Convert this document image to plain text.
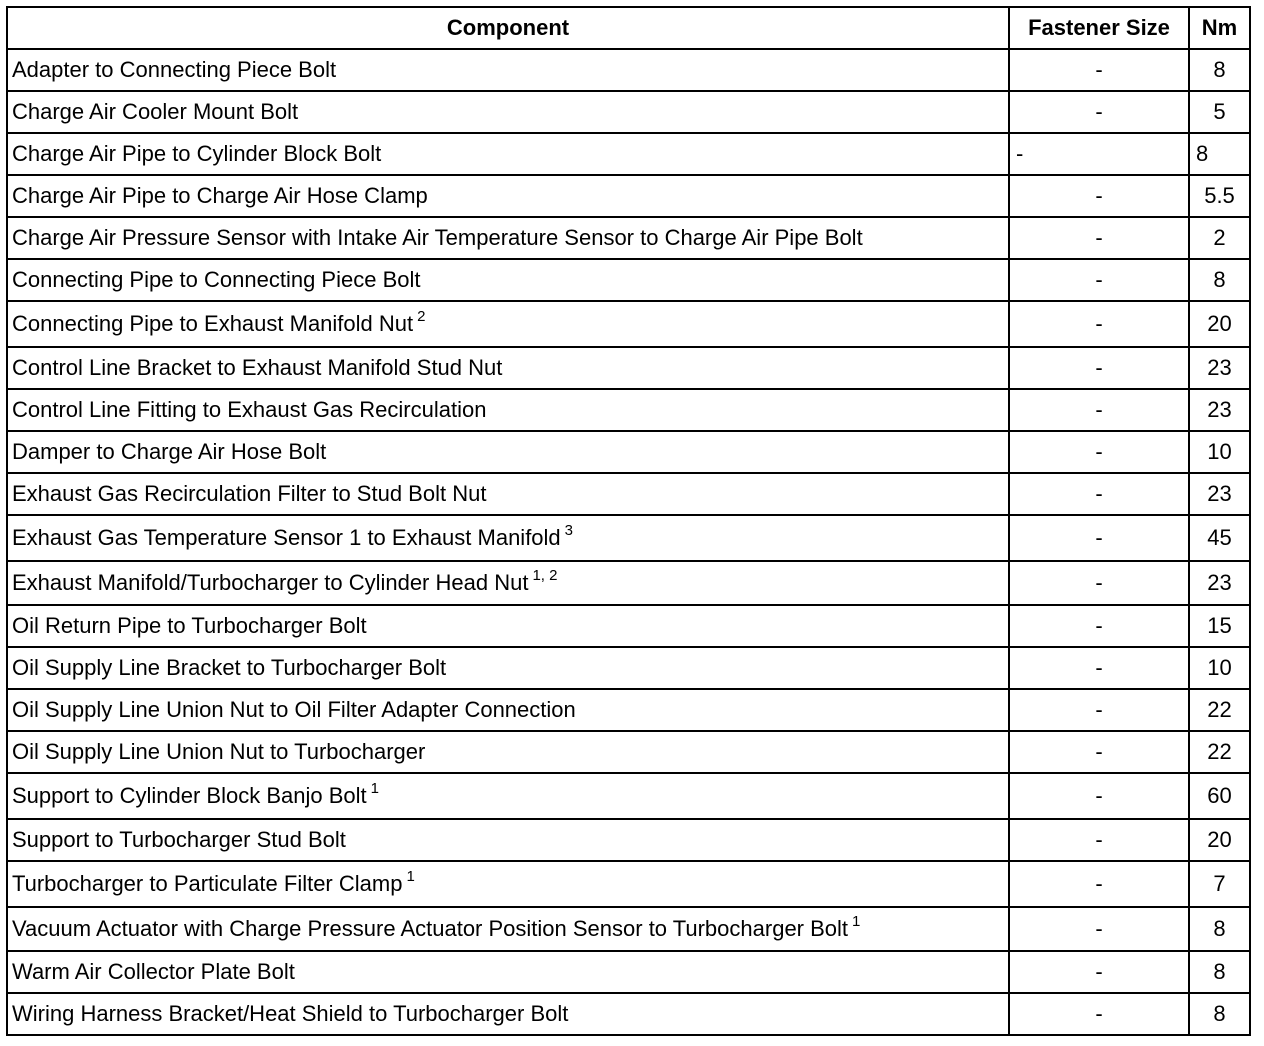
Component	Fastener Size	Nm
Adapter to Connecting Piece Bolt	-	8
Charge Air Cooler Mount Bolt	-	5
Charge Air Pipe to Cylinder Block Bolt	-	8
Charge Air Pipe to Charge Air Hose Clamp	-	5.5
Charge Air Pressure Sensor with Intake Air Temperature Sensor to Charge Air Pipe Bolt	-	2
Connecting Pipe to Connecting Piece Bolt	-	8
Connecting Pipe to Exhaust Manifold Nut $^2$	-	20
Control Line Bracket to Exhaust Manifold Stud Nut	-	23
Control Line Fitting to Exhaust Gas Recirculation	-	23
Damper to Charge Air Hose Bolt	-	10
Exhaust Gas Recirculation Filter to Stud Bolt Nut	-	23
Exhaust Gas Temperature Sensor 1 to Exhaust Manifold $^3$	-	45
Exhaust Manifold/Turbocharger to Cylinder Head Nut $^{1, 2}$	-	23
Oil Return Pipe to Turbocharger Bolt	-	15
Oil Supply Line Bracket to Turbocharger Bolt	-	10
Oil Supply Line Union Nut to Oil Filter Adapter Connection	-	22
Oil Supply Line Union Nut to Turbocharger	-	22
Support to Cylinder Block Banjo Bolt $^1$	-	60
Support to Turbocharger Stud Bolt	-	20
Turbocharger to Particulate Filter Clamp $^1$	-	7
Vacuum Actuator with Charge Pressure Actuator Position Sensor to Turbocharger Bolt $^1$	-	8
Warm Air Collector Plate Bolt	-	8
Wiring Harness Bracket/Heat Shield to Turbocharger Bolt	-	8
